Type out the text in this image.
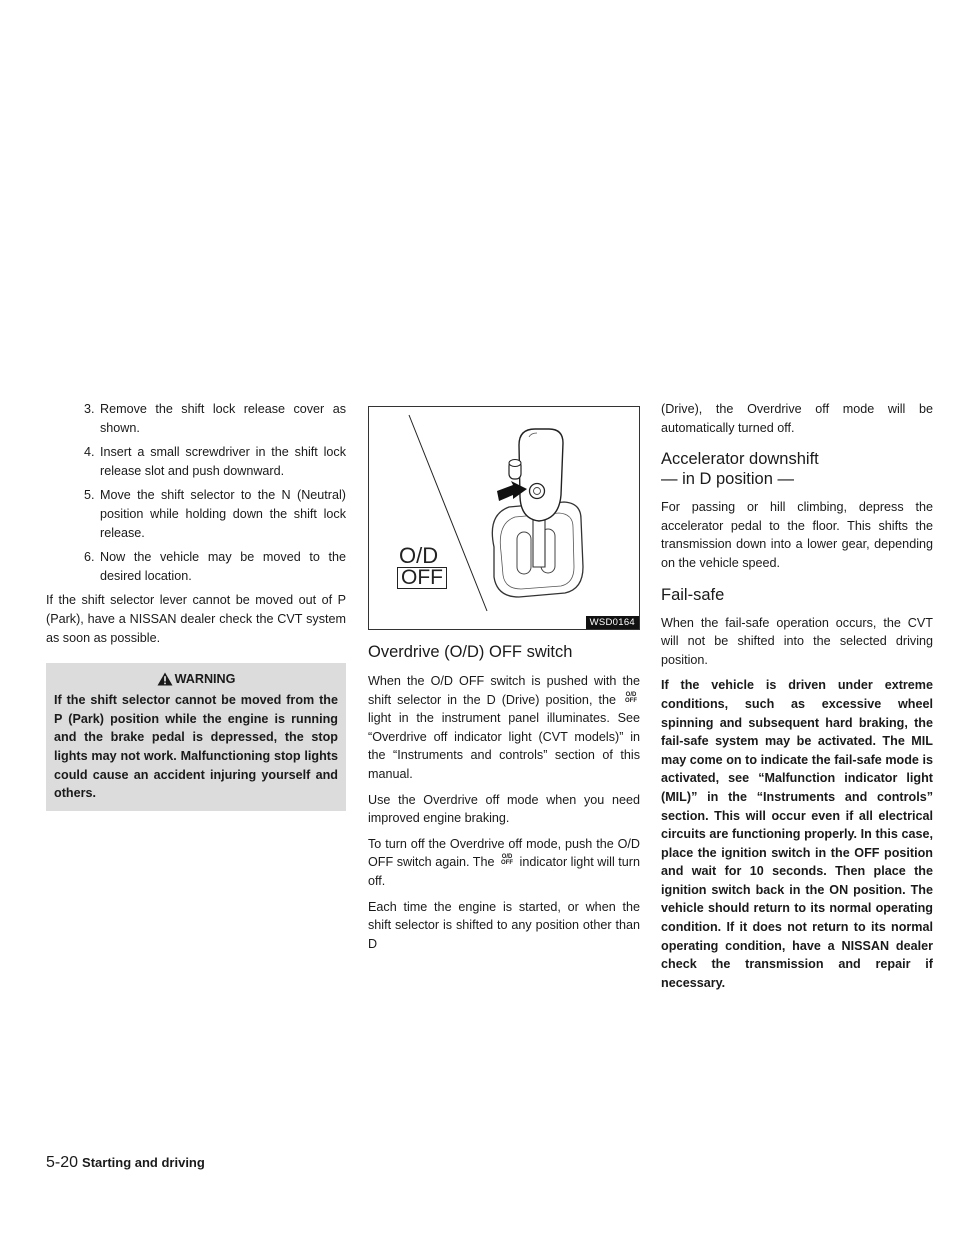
3. Remove the shift lock release cover as shown.
4. Insert a small screwdriver in the shift lock release slot and push downward.
5. Move the shift selector to the N (Neutral) position while holding down the shift lock release.
6. Now the vehicle may be moved to the desired location.

If the shift selector lever cannot be moved out of P (Park), have a NISSAN dealer check the CVT system as soon as possible.

WARNING

If the shift selector cannot be moved from the P (Park) position while the engine is running and the brake pedal is depressed, the stop lights may not work. Malfunctioning stop lights could cause an accident injuring yourself and others.

O/D
OFF
WSD0164
Overdrive (O/D) OFF switch

When the O/D OFF switch is pushed with the shift selector in the D (Drive) position, the O/D
OFF light in the instrument panel illuminates. See “Overdrive off indicator light (CVT models)” in the “Instruments and controls” section of this manual.

Use the Overdrive off mode when you need improved engine braking.

To turn off the Overdrive off mode, push the O/D OFF switch again. The O/D
OFF indicator light will turn off.

Each time the engine is started, or when the shift selector is shifted to any position other than D

(Drive), the Overdrive off mode will be automatically turned off.

Accelerator downshift
— in D position —

For passing or hill climbing, depress the accelerator pedal to the floor. This shifts the transmission down into a lower gear, depending on the vehicle speed.

Fail-safe

When the fail-safe operation occurs, the CVT will not be shifted into the selected driving position.

If the vehicle is driven under extreme conditions, such as excessive wheel spinning and subsequent hard braking, the fail-safe system may be activated. The MIL may come on to indicate the fail-safe mode is activated, see “Malfunction indicator light (MIL)” in the “Instruments and controls” section. This will occur even if all electrical circuits are functioning properly. In this case, place the ignition switch in the OFF position and wait for 10 seconds. Then place the ignition switch back in the ON position. The vehicle should return to its normal operating condition. If it does not return to its normal operating condition, have a NISSAN dealer check the transmission and repair if necessary.

5-20 Starting and driving
